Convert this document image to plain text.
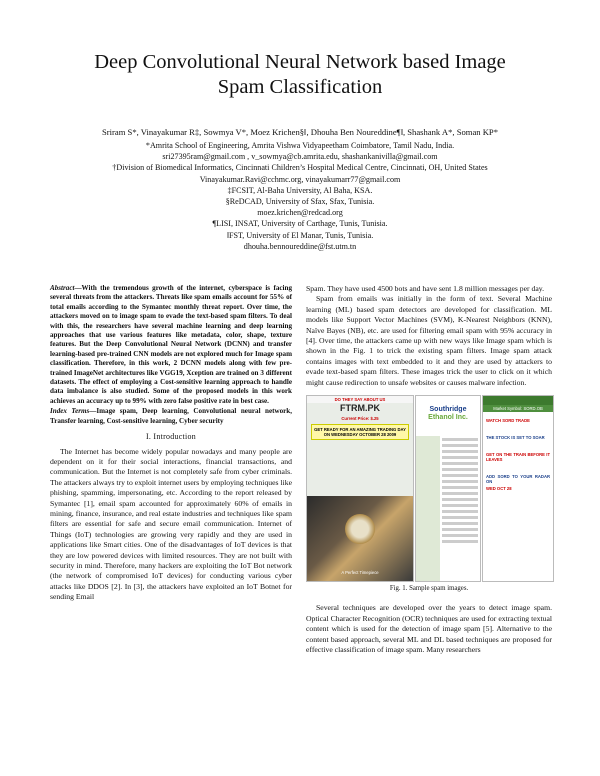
Deep Convolutional Neural Network based Image
Spam Classification
Sriram S*, Vinayakumar R‡, Sowmya V*, Moez Krichen§‖, Dhouha Ben Noureddine¶‖, Shashank A*, Soman KP*
*Amrita School of Engineering, Amrita Vishwa Vidyapeetham Coimbatore, Tamil Nadu, India.
sri27395ram@gmail.com , v_sowmya@cb.amrita.edu, shashankanivilla@gmail.com
†Division of Biomedical Informatics, Cincinnati Children’s Hospital Medical Centre, Cincinnati, OH, United States
Vinayakumar.Ravi@cchmc.org, vinayakumarr77@gmail.com
‡FCSIT, Al-Baha University, Al Baha, KSA.
§ReDCAD, University of Sfax, Sfax, Tunisia.
moez.krichen@redcad.org
¶LISI, INSAT, University of Carthage, Tunis, Tunisia.
‖FST, University of El Manar, Tunis, Tunisia.
dhouha.bennoureddine@fst.utm.tn
Abstract—With the tremendous growth of the internet, cyberspace is facing several threats from the attackers. Threats like spam emails account for 55% of total emails according to the Symantec monthly threat report. Over time, the attackers moved on to image spam to evade the text-based spam filters. To deal with this, the researchers have several machine learning and deep learning approaches that use various features like metadata, color, shape, texture features. But the Deep Convolutional Neural Network (DCNN) and transfer learning-based pre-trained CNN models are not explored much for Image spam classification. Therefore, in this work, 2 DCNN models along with few pre-trained ImageNet architectures like VGG19, Xception are trained on 3 different datasets. The effect of employing a Cost-sensitive learning approach to handle data imbalance is also studied. Some of the proposed models in this work achieves an accuracy up to 99% with zero false positive rate in best case.
Index Terms—Image spam, Deep learning, Convolutional neural network, Transfer learning, Cost-sensitive learning, Cyber security
I. Introduction

The Internet has become widely popular nowadays and many people are dependent on it for their social interactions, financial transactions, and communication. But the Internet is not completely safe from cyber criminals. The attackers always try to exploit internet users by employing techniques like phishing, spamming, impersonating, etc. According to the report released by Symantec [1], email spam accounted for approximately 60% of emails in mining, finance, insurance, and real estate industries and techniques like spam filters are essential for safe and secure email communication. Internet of Things (IoT) technologies are growing very rapidly and they are used in applications like Smart cities. One of the disadvantages of IoT devices is that they are low powered devices with limited resources. They are not built with security in mind. Therefore, many hackers are exploiting the IoT Bot network (the network of compromised IoT devices) for conducting various cyber attacks like DDOS [2]. In [3], the attackers have exploited an IoT Botnet for sending Email

Spam. They have used 4500 bots and have sent 1.8 million messages per day.

Spam from emails was initially in the form of text. Several Machine learning (ML) based spam detectors are developed for classification. ML models like Support Vector Machines (SVM), K-Nearest Neighbors (KNN), Naïve Bayes (NB), etc. are used for filtering email spam with 95% accuracy in [4]. Over time, the attackers came up with new ways like Image spam which is shown in the Fig. 1 to trick the existing spam filters. Image spam attack contains images with text embedded to it and they are used by attackers to evade text-based spam filters. These images trick the user to click on it which might cause redirection to unsafe websites or causes malware infection.

DO THEY SAY ABOUT US
FTRM.PK
Current Price: $.25
GET READY FOR AN AMAZING TRADING DAY ON WEDNESDAY OCTOBER 28 2009
A Perfect Timepiece
Southridge
Ethanol Inc.

Market Symbol: SORD.OB
WATCH SORD TRADE
THE STOCK IS SET TO SOAR
GET ON THE TRAIN BEFORE IT LEAVES
ADD SORD TO YOUR RADAR ON
WED OCT 28
Fig. 1. Sample spam images.

Several techniques are developed over the years to detect image spam. Optical Character Recognition (OCR) techniques are used for extracting textual content which is used for the detection of image spam [5]. Alternative to the content based approach, several ML and DL based techniques are proposed for effective classification of image spam. Many researchers
